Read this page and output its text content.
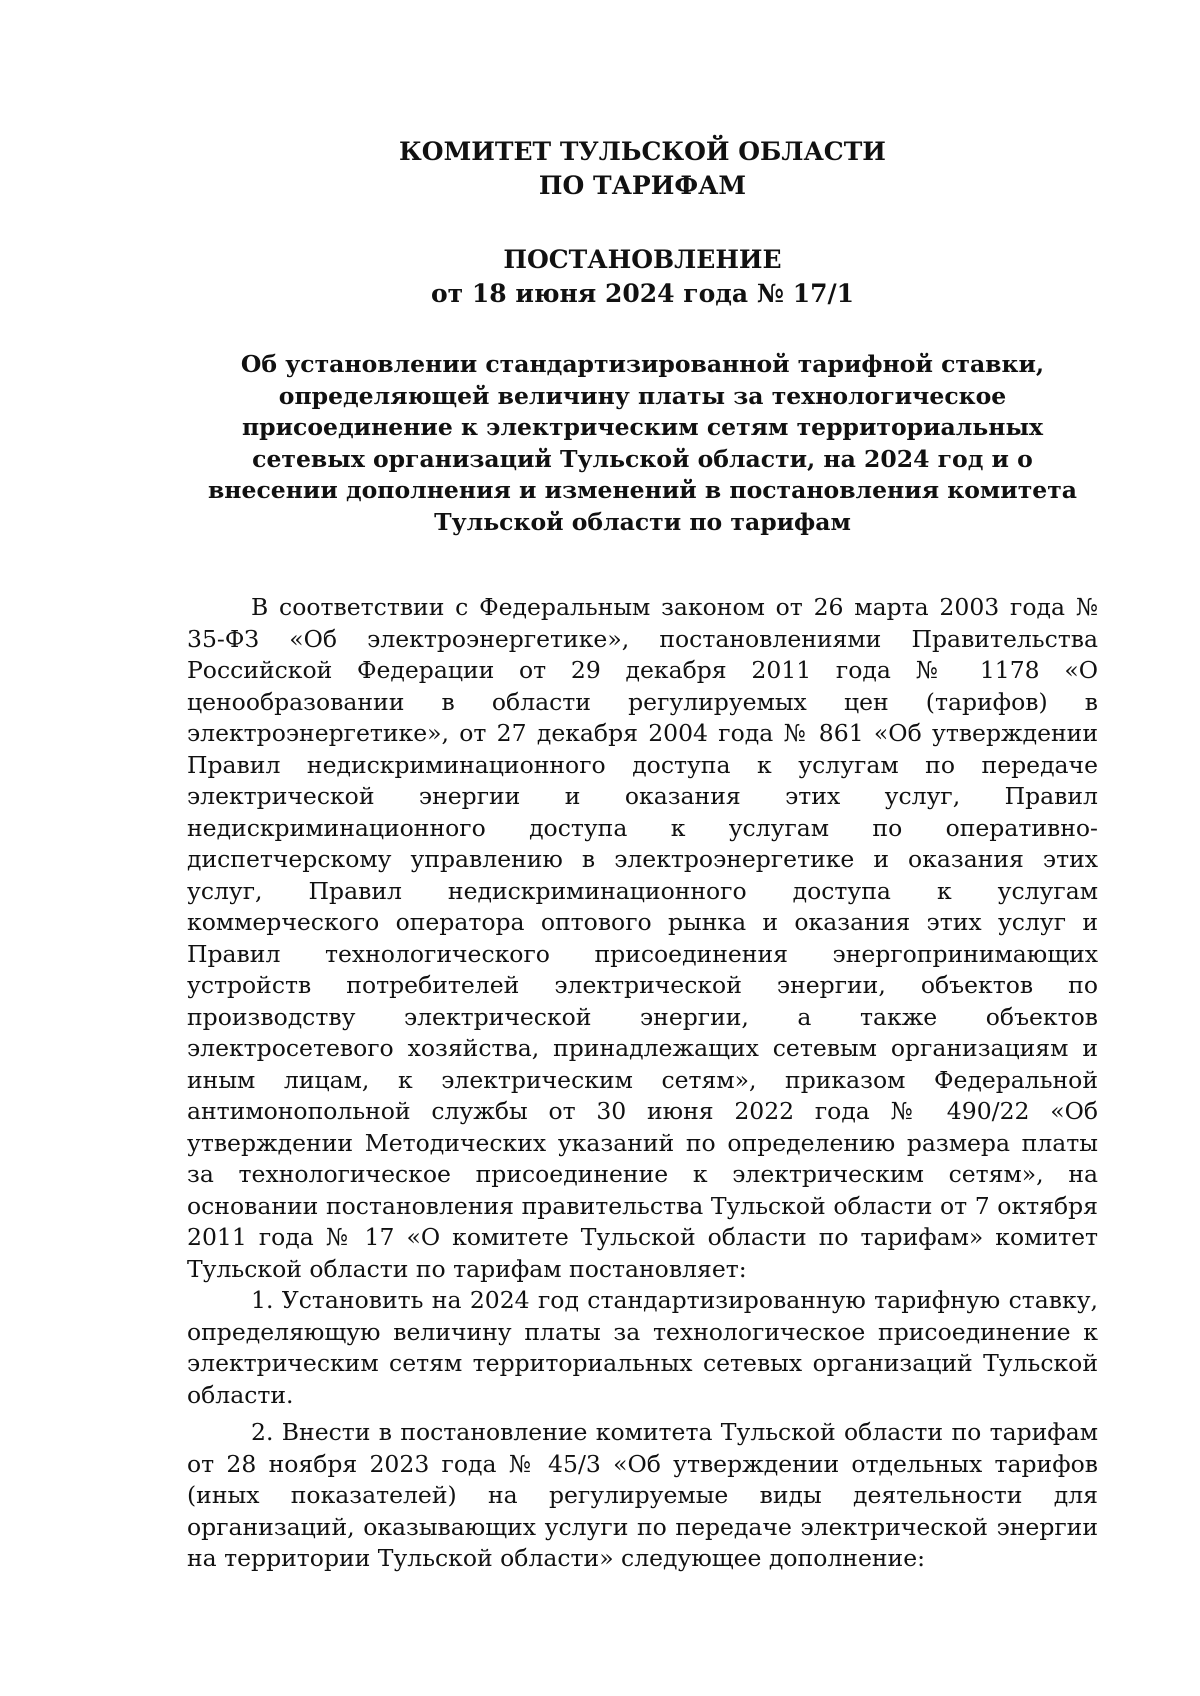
КОМИТЕТ ТУЛЬСКОЙ ОБЛАСТИ
ПО ТАРИФАМ
ПОСТАНОВЛЕНИЕ
от 18 июня 2024 года № 17/1
Об установлении стандартизированной тарифной ставки, определяющей величину платы за технологическое присоединение к электрическим сетям территориальных сетевых организаций Тульской области, на 2024 год и о внесении дополнения и изменений в постановления комитета Тульской области по тарифам

В соответствии с Федеральным законом от 26 марта 2003 года № 35-ФЗ «Об электроэнергетике», постановлениями Правительства Российской Федерации от 29 декабря 2011 года № 1178 «О ценообразовании в области регулируемых цен (тарифов) в электроэнергетике», от 27 декабря 2004 года № 861 «Об утверждении Правил недискриминационного доступа к услугам по передаче электрической энергии и оказания этих услуг, Правил недискриминационного доступа к услугам по оперативно-диспетчерскому управлению в электроэнергетике и оказания этих услуг, Правил недискриминационного доступа к услугам коммерческого оператора оптового рынка и оказания этих услуг и Правил технологического присоединения энергопринимающих устройств потребителей электрической энергии, объектов по производству электрической энергии, а также объектов электросетевого хозяйства, принадлежащих сетевым организациям и иным лицам, к электрическим сетям», приказом Федеральной антимонопольной службы от 30 июня 2022 года № 490/22 «Об утверждении Методических указаний по определению размера платы за технологическое присоединение к электрическим сетям», на основании постановления правительства Тульской области от 7 октября 2011 года № 17 «О комитете Тульской области по тарифам» комитет Тульской области по тарифам постановляет:

1. Установить на 2024 год стандартизированную тарифную ставку, определяющую величину платы за технологическое присоединение к электрическим сетям территориальных сетевых организаций Тульской области.

2. Внести в постановление комитета Тульской области по тарифам от 28 ноября 2023 года № 45/3 «Об утверждении отдельных тарифов (иных показателей) на регулируемые виды деятельности для организаций, оказывающих услуги по передаче электрической энергии на территории Тульской области» следующее дополнение:
